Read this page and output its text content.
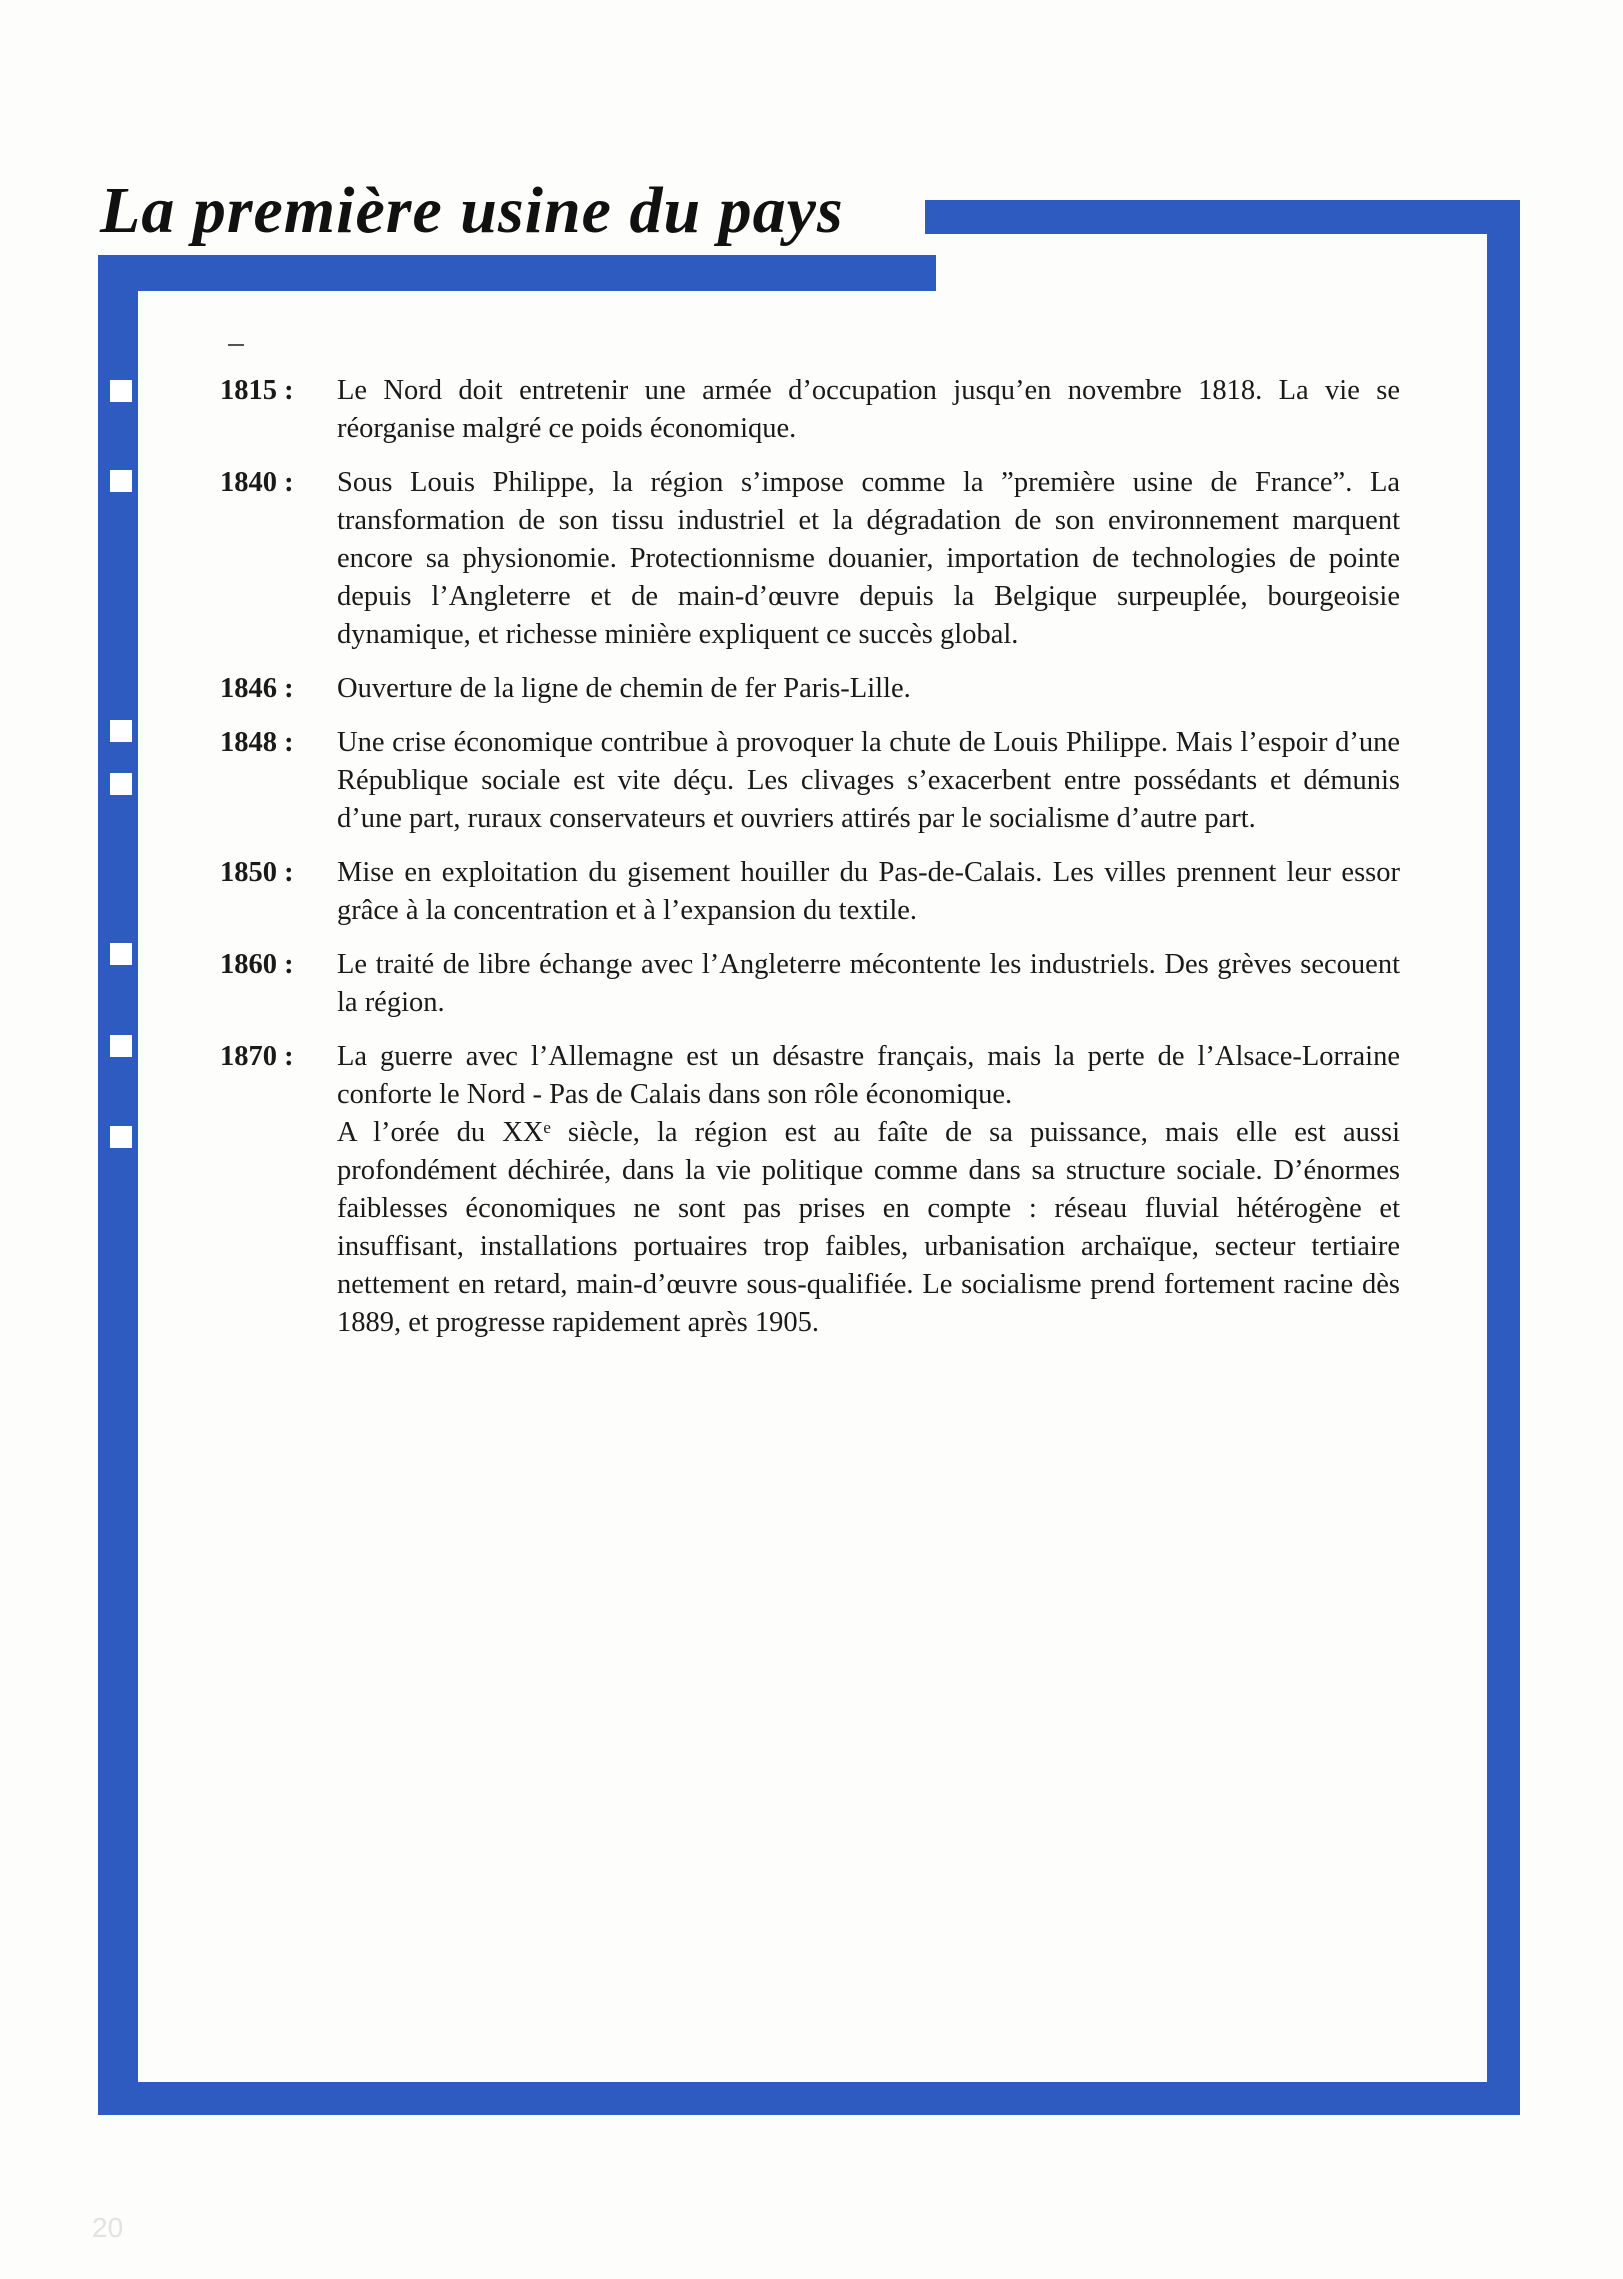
La première usine du pays
1815 :	Le Nord doit entretenir une armée d’occupation jusqu’en novembre 1818. La vie se réorganise malgré ce poids économique.

1840 :	Sous Louis Philippe, la région s’impose comme la ”première usine de France”. La transformation de son tissu industriel et la dégradation de son environnement marquent encore sa physionomie. Protectionnisme douanier, importation de technologies de pointe depuis l’Angleterre et de main-d’œuvre depuis la Belgique surpeuplée, bourgeoisie dynamique, et richesse minière expliquent ce succès global.

1846 :	Ouverture de la ligne de chemin de fer Paris-Lille.

1848 :	Une crise économique contribue à provoquer la chute de Louis Philippe. Mais l’espoir d’une République sociale est vite déçu. Les clivages s’exacerbent entre possédants et démunis d’une part, ruraux conservateurs et ouvriers attirés par le socialisme d’autre part.

1850 :	Mise en exploitation du gisement houiller du Pas-de-Calais. Les villes prennent leur essor grâce à la concentration et à l’expansion du textile.

1860 :	Le traité de libre échange avec l’Angleterre mécontente les industriels. Des grèves secouent la région.

1870 :	La guerre avec l’Allemagne est un désastre français, mais la perte de l’Alsace-Lorraine conforte le Nord - Pas de Calais dans son rôle économique.

A l’orée du XXᵉ siècle, la région est au faîte de sa puissance, mais elle est aussi profondément déchirée, dans la vie politique comme dans sa structure sociale. D’énormes faiblesses économiques ne sont pas prises en compte : réseau fluvial hétérogène et insuffisant, installations portuaires trop faibles, urbanisation archaïque, secteur tertiaire nettement en retard, main-d’œuvre sous-qualifiée. Le socialisme prend fortement racine dès 1889, et progresse rapidement après 1905.

20
